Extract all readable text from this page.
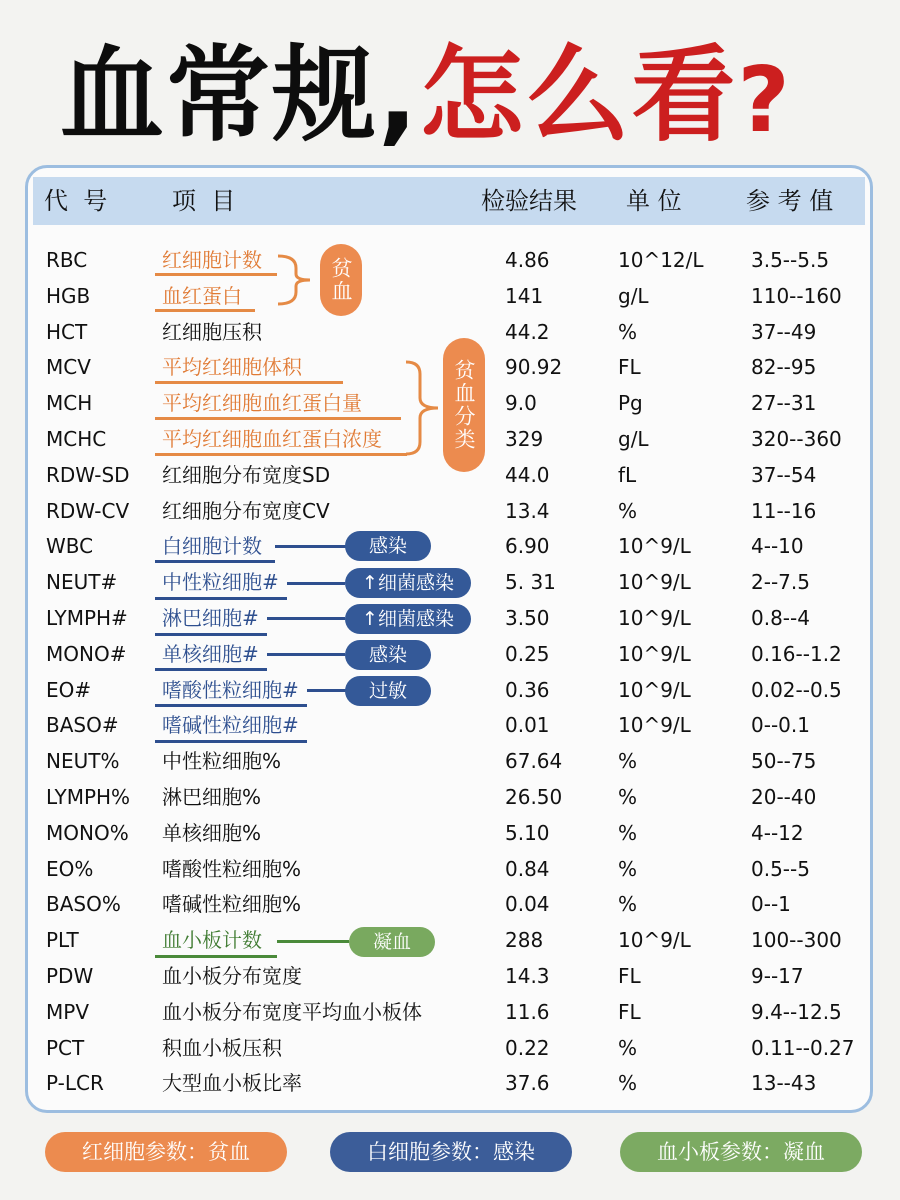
血常规,怎么看?
代  号	项  目	检验结果 单 位	参 考 值
RBC	红细胞计数	4.86	10^12/L 3.5--5.5
HGB	血红蛋白	141	g/L	110--160
HCT	红细胞压积	44.2	%	37--49
MCV	平均红细胞体积	90.92	FL	82--95
MCH	平均红细胞血红蛋白量	9.0	Pg	27--31
MCHC	平均红细胞血红蛋白浓度	329	g/L	320--360
RDW-SD 红细胞分布宽度SD	44.0	fL	37--54
RDW-CV 红细胞分布宽度CV	13.4	%	11--16
WBC	白细胞计数	6.90	10^9/L	4--10
NEUT# 中性粒细胞#	5. 31	10^9/L	2--7.5
LYMPH# 淋巴细胞#	3.50	10^9/L	0.8--4
MONO# 单核细胞#	0.25	10^9/L	0.16--1.2
EO#	嗜酸性粒细胞#	0.36	10^9/L	0.02--0.5
BASO# 嗜碱性粒细胞#	0.01	10^9/L	0--0.1
NEUT% 中性粒细胞%	67.64	%	50--75
LYMPH% 淋巴细胞%	26.50	%	20--40
MONO% 单核细胞%	5.10	%	4--12
EO%	嗜酸性粒细胞%	0.84	%	0.5--5
BASO% 嗜碱性粒细胞%	0.04	%	0--1
PLT	血小板计数	288	10^9/L	100--300
PDW	血小板分布宽度	14.3	FL	9--17
MPV	血小板分布宽度平均血小板体	11.6	FL	9.4--12.5
PCT	积血小板压积	0.22	%	0.11--0.27
P-LCR	大型血小板比率	37.6	%	13--43
贫血
贫血分类
感染
↑细菌感染
↑细菌感染
感染
过敏
凝血
红细胞参数：贫血	白细胞参数：感染	血小板参数：凝血
